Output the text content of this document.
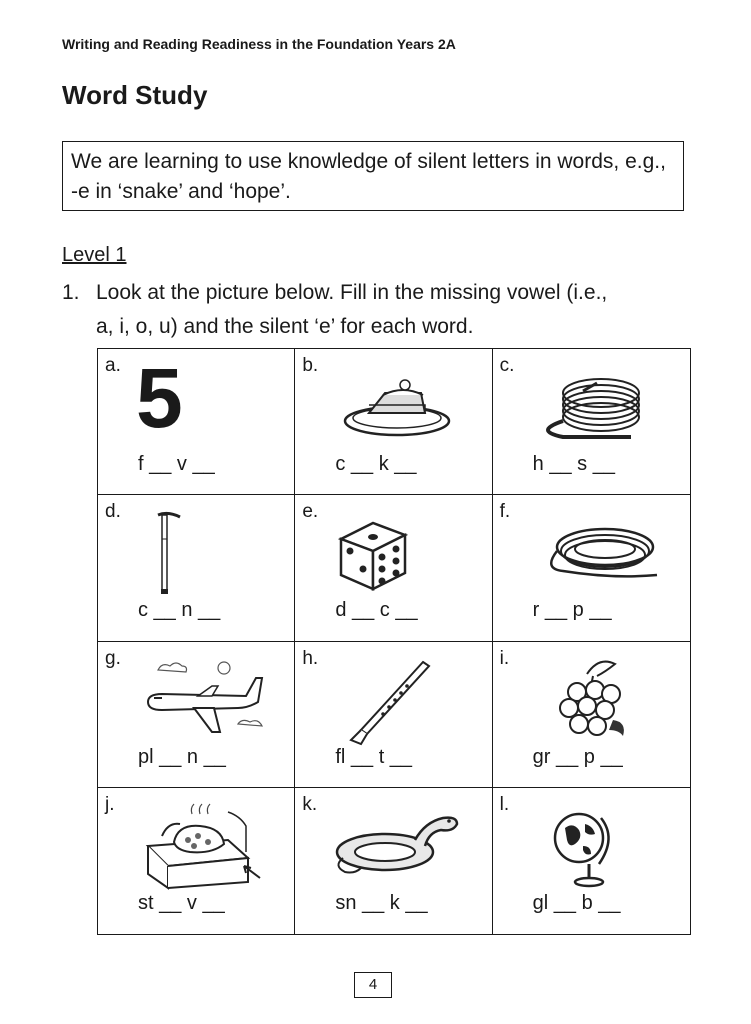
Writing and Reading Readiness in the Foundation Years 2A
Word Study
We are learning to use knowledge of silent letters in words, e.g., -e in ‘snake’ and ‘hope’.
Level 1
1. Look at the picture below. Fill in the missing vowel (i.e.,
a, i, o, u) and the silent ‘e’ for each word.
a. 5
f __ v __
b.
c __ k __
c.
h __ s __
d.
c __ n __
e.
d __ c __
f.
r __ p __
g.
pl __ n __
h.
fl __ t __
i.
gr __ p __
j.
st __ v __
k.
sn __ k __
l.
gl __ b __
4
